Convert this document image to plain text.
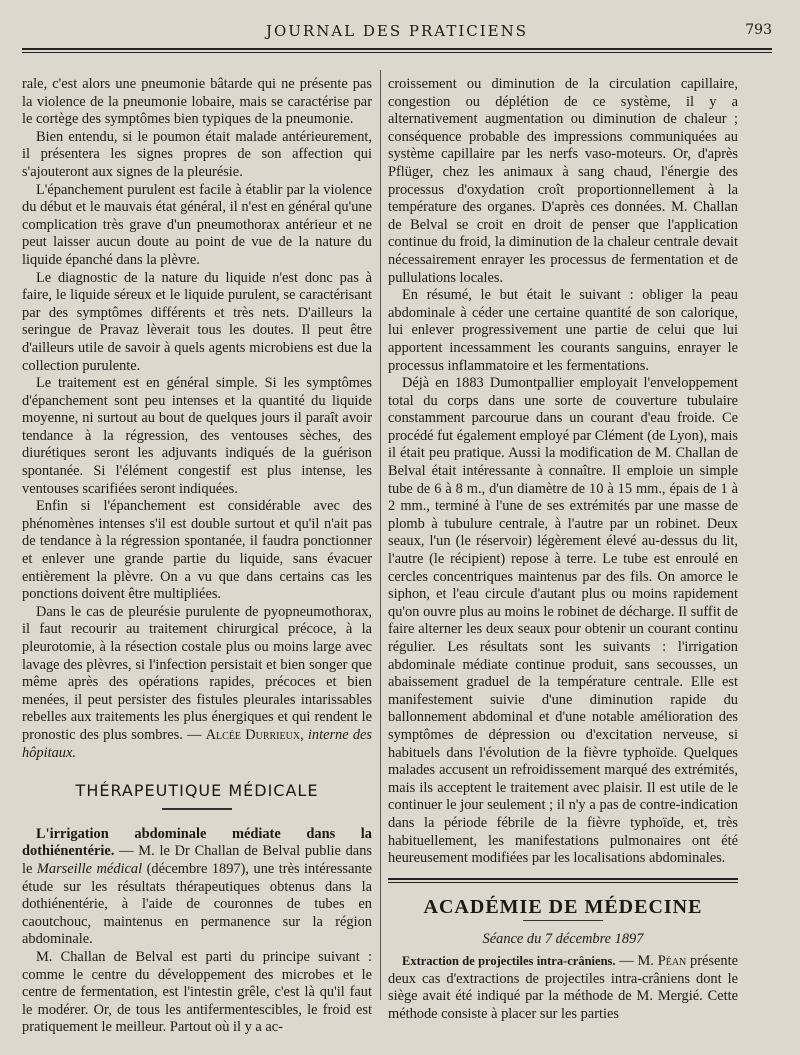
JOURNAL DES PRATICIENS	793

rale, c'est alors une pneumonie bâtarde qui ne présente pas la violence de la pneumonie lobaire, mais se caractérise par le cortège des symptômes bien typiques de la pneumonie.

Bien entendu, si le poumon était malade antérieurement, il présentera les signes propres de son affection qui s'ajouteront aux signes de la pleurésie.

L'épanchement purulent est facile à établir par la violence du début et le mauvais état général, il n'est en général qu'une complication très grave d'un pneumothorax antérieur et ne peut laisser aucun doute au point de vue de la nature du liquide épanché dans la plèvre.

Le diagnostic de la nature du liquide n'est donc pas à faire, le liquide séreux et le liquide purulent, se caractérisant par des symptômes différents et très nets. D'ailleurs la seringue de Pravaz lèverait tous les doutes. Il peut être d'ailleurs utile de savoir à quels agents microbiens est due la collection purulente.

Le traitement est en général simple. Si les symptômes d'épanchement sont peu intenses et la quantité du liquide moyenne, ni surtout au bout de quelques jours il paraît avoir tendance à la régression, des ventouses sèches, des diurétiques seront les adjuvants indiqués de la guérison spontanée. Si l'élément congestif est plus intense, les ventouses scarifiées seront indiquées.

Enfin si l'épanchement est considérable avec des phénomènes intenses s'il est double surtout et qu'il n'ait pas de tendance à la régression spontanée, il faudra ponctionner et enlever une grande partie du liquide, sans évacuer entièrement la plèvre. On a vu que dans certains cas les ponctions doivent être multipliées.

Dans le cas de pleurésie purulente de pyopneumothorax, il faut recourir au traitement chirurgical précoce, à la pleurotomie, à la résection costale plus ou moins large avec lavage des plèvres, si l'infection persistait et bien songer que même après des opérations rapides, précoces et bien menées, il peut persister des fistules pleurales intarissables rebelles aux traitements les plus énergiques et qui rendent le pronostic des plus sombres. — Alcée Durrieux, interne des hôpitaux.

THÉRAPEUTIQUE MÉDICALE

L'irrigation abdominale médiate dans la dothiénentérie. — M. le Dr Challan de Belval publie dans le Marseille médical (décembre 1897), une très intéressante étude sur les résultats thérapeutiques obtenus dans la dothiénentérie, à l'aide de couronnes de tubes en caoutchouc, maintenus en permanence sur la région abdominale.

M. Challan de Belval est parti du principe suivant : comme le centre du développement des microbes et le centre de fermentation, est l'intestin grêle, c'est là qu'il faut le modérer. Or, de tous les antifermentescibles, le froid est pratiquement le meilleur. Partout où il y a ac-

croissement ou diminution de la circulation capillaire, congestion ou déplétion de ce système, il y a alternativement augmentation ou diminution de chaleur ; conséquence probable des impressions communiquées au système capillaire par les nerfs vaso-moteurs. Or, d'après Pflüger, chez les animaux à sang chaud, l'énergie des processus d'oxydation croît proportionnellement à la température des organes. D'après ces données. M. Challan de Belval se croit en droit de penser que l'application continue du froid, la diminution de la chaleur centrale devait nécessairement enrayer les processus de fermentation et de pullulations locales.

En résumé, le but était le suivant : obliger la peau abdominale à céder une certaine quantité de son calorique, lui enlever progressivement une partie de celui que lui apportent incessamment les courants sanguins, enrayer le processus inflammatoire et les fermentations.

Déjà en 1883 Dumontpallier employait l'enveloppement total du corps dans une sorte de couverture tubulaire constamment parcourue dans un courant d'eau froide. Ce procédé fut également employé par Clément (de Lyon), mais il était peu pratique. Aussi la modification de M. Challan de Belval était intéressante à connaître. Il emploie un simple tube de 6 à 8 m., d'un diamètre de 10 à 15 mm., épais de 1 à 2 mm., terminé à l'une de ses extrémités par une masse de plomb à tubulure centrale, à l'autre par un robinet. Deux seaux, l'un (le réservoir) légèrement élevé au-dessus du lit, l'autre (le récipient) repose à terre. Le tube est enroulé en cercles concentriques maintenus par des fils. On amorce le siphon, et l'eau circule d'autant plus ou moins rapidement qu'on ouvre plus au moins le robinet de décharge. Il suffit de faire alterner les deux seaux pour obtenir un courant continu régulier. Les résultats sont les suivants : l'irrigation abdominale médiate continue produit, sans secousses, un abaissement graduel de la température centrale. Elle est manifestement suivie d'une diminution rapide du ballonnement abdominal et d'une notable amélioration des symptômes de dépression ou d'excitation nerveuse, si habituels dans l'évolution de la fièvre typhoïde. Quelques malades accusent un refroidissement marqué des extrémités, mais ils acceptent le traitement avec plaisir. Il est utile de le continuer le jour seulement ; il n'y a pas de contre-indication dans la période fébrile de la fièvre typhoïde, et, très habituellement, les manifestations pulmonaires ont été heureusement modifiées par les localisations abdominales.

ACADÉMIE DE MÉDECINE
Séance du 7 décembre 1897

Extraction de projectiles intra-crâniens. — M. Péan présente deux cas d'extractions de projectiles intra-crâniens dont le siège avait été indiqué par la méthode de M. Mergié. Cette méthode consiste à placer sur les parties
